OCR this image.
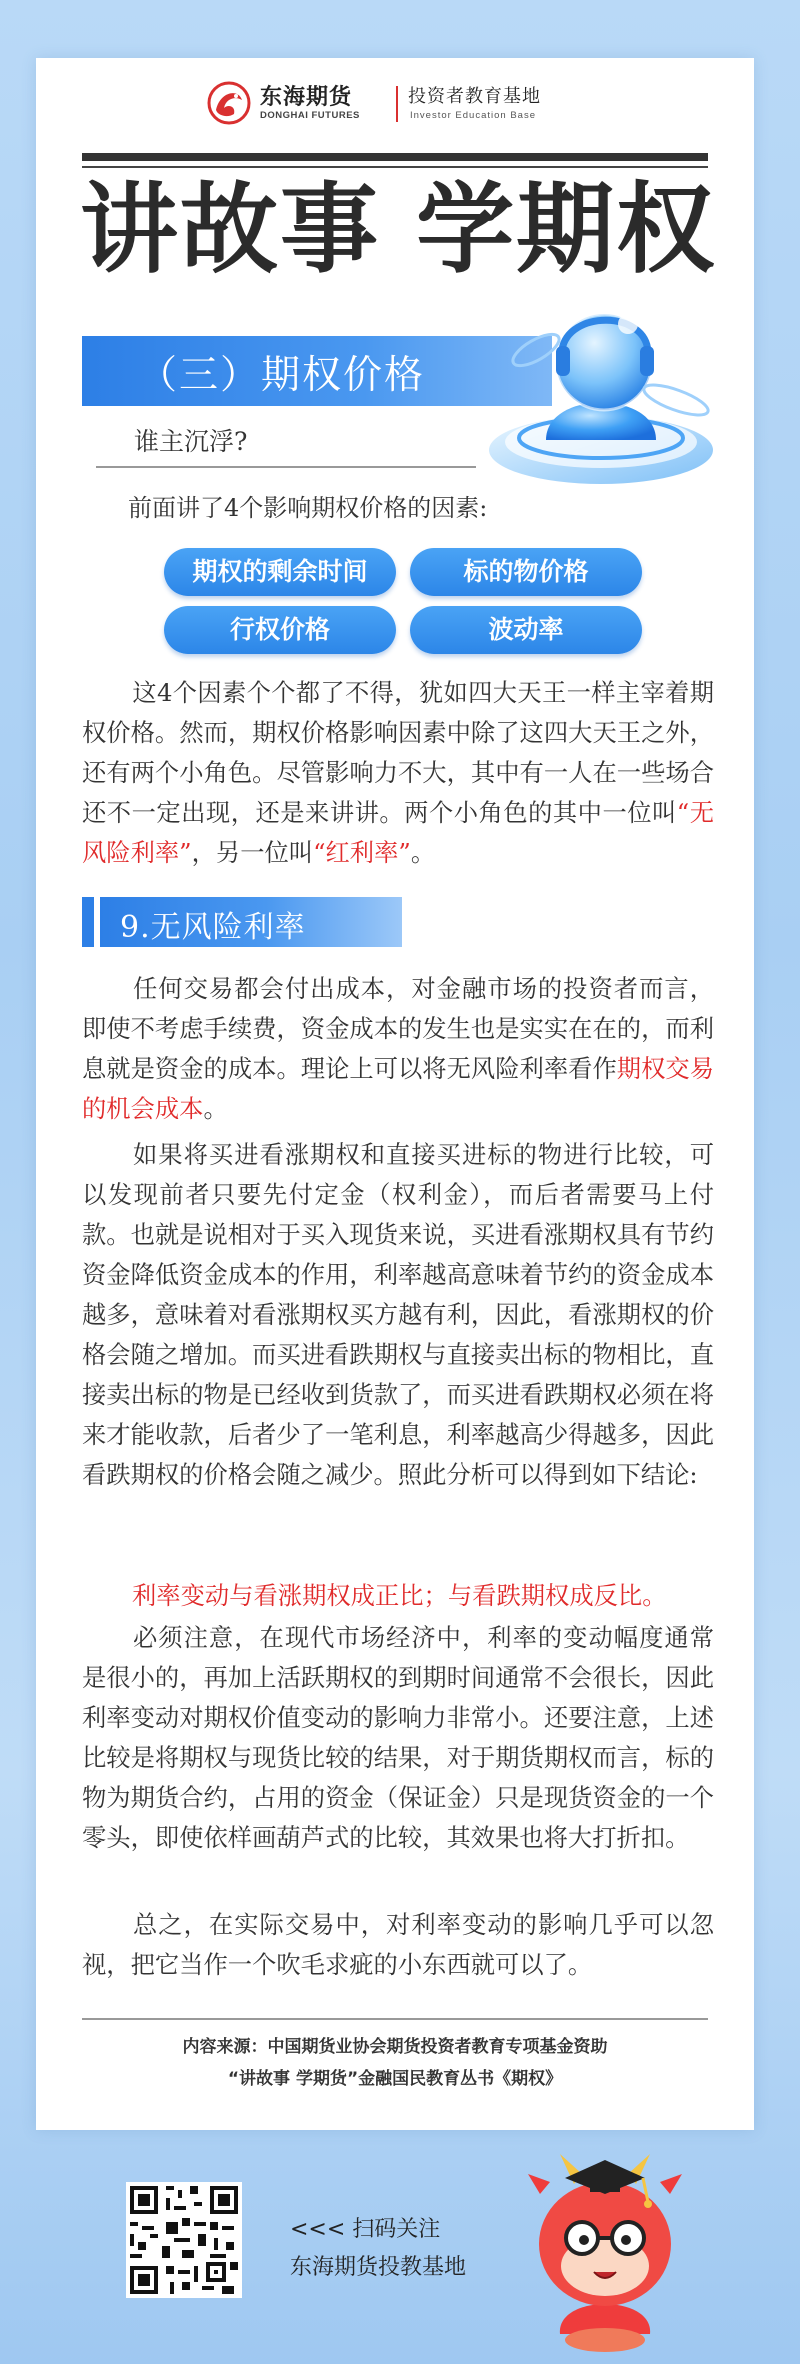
东海期货
DONGHAI FUTURES
投资者教育基地
Investor Education Base
讲故事 学期权
（三）期权价格
谁主沉浮?
前面讲了4个影响期权价格的因素:
期权的剩余时间	标的物价格
行权价格	波动率
这4个因素个个都了不得，犹如四大天王一样主宰着期权价格。然而，期权价格影响因素中除了这四大天王之外，还有两个小角色。尽管影响力不大，其中有一人在一些场合还不一定出现，还是来讲讲。两个小角色的其中一位叫“无风险利率”，另一位叫“红利率”。
9.无风险利率
任何交易都会付出成本，对金融市场的投资者而言，即使不考虑手续费，资金成本的发生也是实实在在的，而利息就是资金的成本。理论上可以将无风险利率看作期权交易的机会成本。
如果将买进看涨期权和直接买进标的物进行比较，可以发现前者只要先付定金（权利金），而后者需要马上付款。也就是说相对于买入现货来说，买进看涨期权具有节约资金降低资金成本的作用，利率越高意味着节约的资金成本越多，意味着对看涨期权买方越有利，因此，看涨期权的价格会随之增加。而买进看跌期权与直接卖出标的物相比，直接卖出标的物是已经收到货款了，而买进看跌期权必须在将来才能收款，后者少了一笔利息，利率越高少得越多，因此看跌期权的价格会随之减少。照此分析可以得到如下结论:
利率变动与看涨期权成正比；与看跌期权成反比。
必须注意，在现代市场经济中，利率的变动幅度通常是很小的，再加上活跃期权的到期时间通常不会很长，因此利率变动对期权价值变动的影响力非常小。还要注意，上述比较是将期权与现货比较的结果，对于期货期权而言，标的物为期货合约，占用的资金（保证金）只是现货资金的一个零头，即使依样画葫芦式的比较，其效果也将大打折扣。
总之，在实际交易中，对利率变动的影响几乎可以忽视，把它当作一个吹毛求疵的小东西就可以了。
内容来源：中国期货业协会期货投资者教育专项基金资助
“讲故事 学期货”金融国民教育丛书《期权》
<<< 扫码关注
东海期货投教基地
